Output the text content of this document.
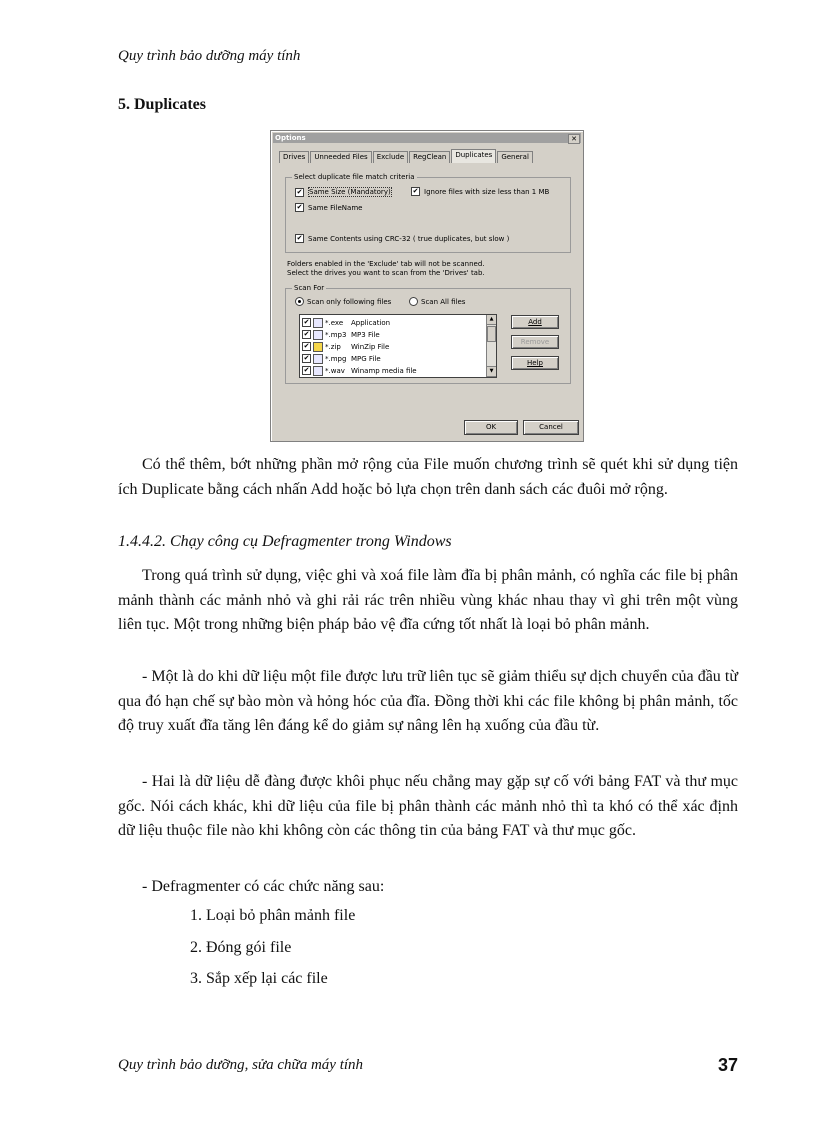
Quy trình bảo dưỡng máy tính
5. Duplicates
Options	✕
Drives	Unneeded Files	Exclude	RegClean	Duplicates	General
Select duplicate file match criteria
✔ Same Size (Mandatory)	✔ Ignore files with size less than 1 MB
✔ Same FileName
✔ Same Contents using CRC-32 ( true duplicates, but slow )
Folders enabled in the 'Exclude' tab will not be scanned.
Select the drives you want to scan from the 'Drives' tab.
Scan For
Scan only following files	Scan All files
✔ *.exe	Application
✔ *.mp3 MP3 File
✔ *.zip	WinZip File
✔ *.mpg MPG File
✔ *.wav Winamp media file
▲
▼
Add
Remove
Help
OK	Cancel
Có thể thêm, bớt những phần mở rộng của File muốn chương trình sẽ quét khi sử dụng tiện ích Duplicate bằng cách nhấn Add hoặc bỏ lựa chọn trên danh sách các đuôi mở rộng.
1.4.4.2. Chạy công cụ Defragmenter trong Windows
Trong quá trình sử dụng, việc ghi và xoá file làm đĩa bị phân mảnh, có nghĩa các file bị phân mảnh thành các mảnh nhỏ và ghi rải rác trên nhiều vùng khác nhau thay vì ghi trên một vùng liên tục. Một trong những biện pháp bảo vệ đĩa cứng tốt nhất là loại bỏ phân mảnh.
- Một là do khi dữ liệu một file được lưu trữ liên tục sẽ giảm thiểu sự dịch chuyển của đầu từ qua đó hạn chế sự bào mòn và hỏng hóc của đĩa. Đồng thời khi các file không bị phân mảnh, tốc độ truy xuất đĩa tăng lên đáng kể do giảm sự nâng lên hạ xuống của đầu từ.
- Hai là dữ liệu dễ đàng được khôi phục nếu chẳng may gặp sự cố với bảng FAT và thư mục gốc. Nói cách khác, khi dữ liệu của file bị phân thành các mảnh nhỏ thì ta khó có thể xác định dữ liệu thuộc file nào khi không còn các thông tin của bảng FAT và thư mục gốc.
- Defragmenter có các chức năng sau:
1. Loại bỏ phân mảnh file
2. Đóng gói file
3. Sắp xếp lại các file
Quy trình bảo dưỡng, sửa chữa máy tính	37
